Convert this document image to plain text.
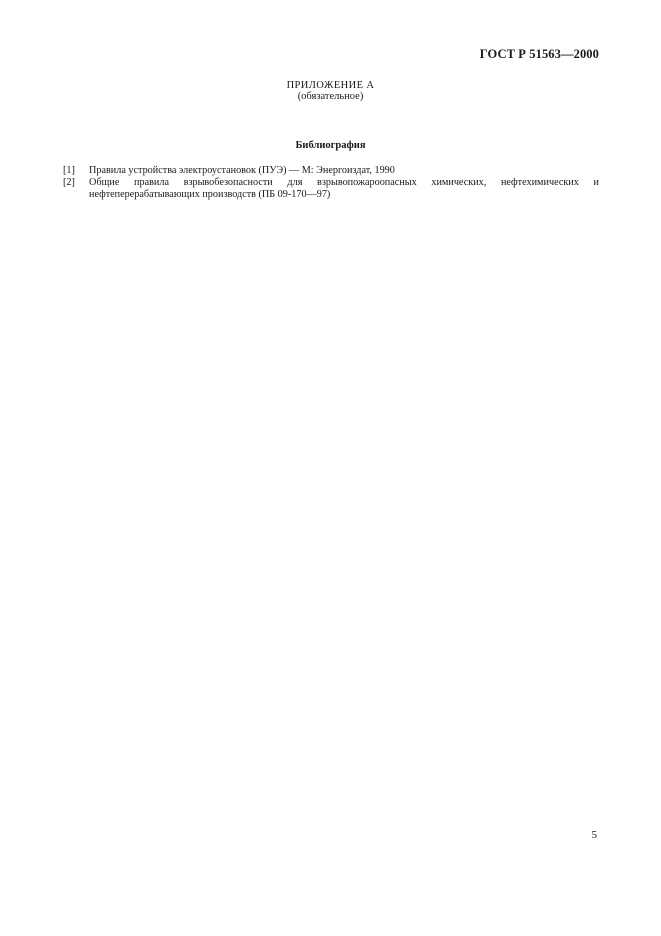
ГОСТ Р 51563—2000
ПРИЛОЖЕНИЕ А
(обязательное)
Библиография
[1]	Правила устройства электроустановок (ПУЭ) — М: Энергоиздат, 1990
[2]	Общие правила взрывобезопасности для взрывопожароопасных химических, нефтехимических и нефтеперерабатывающих производств (ПБ 09-170—97)
5
